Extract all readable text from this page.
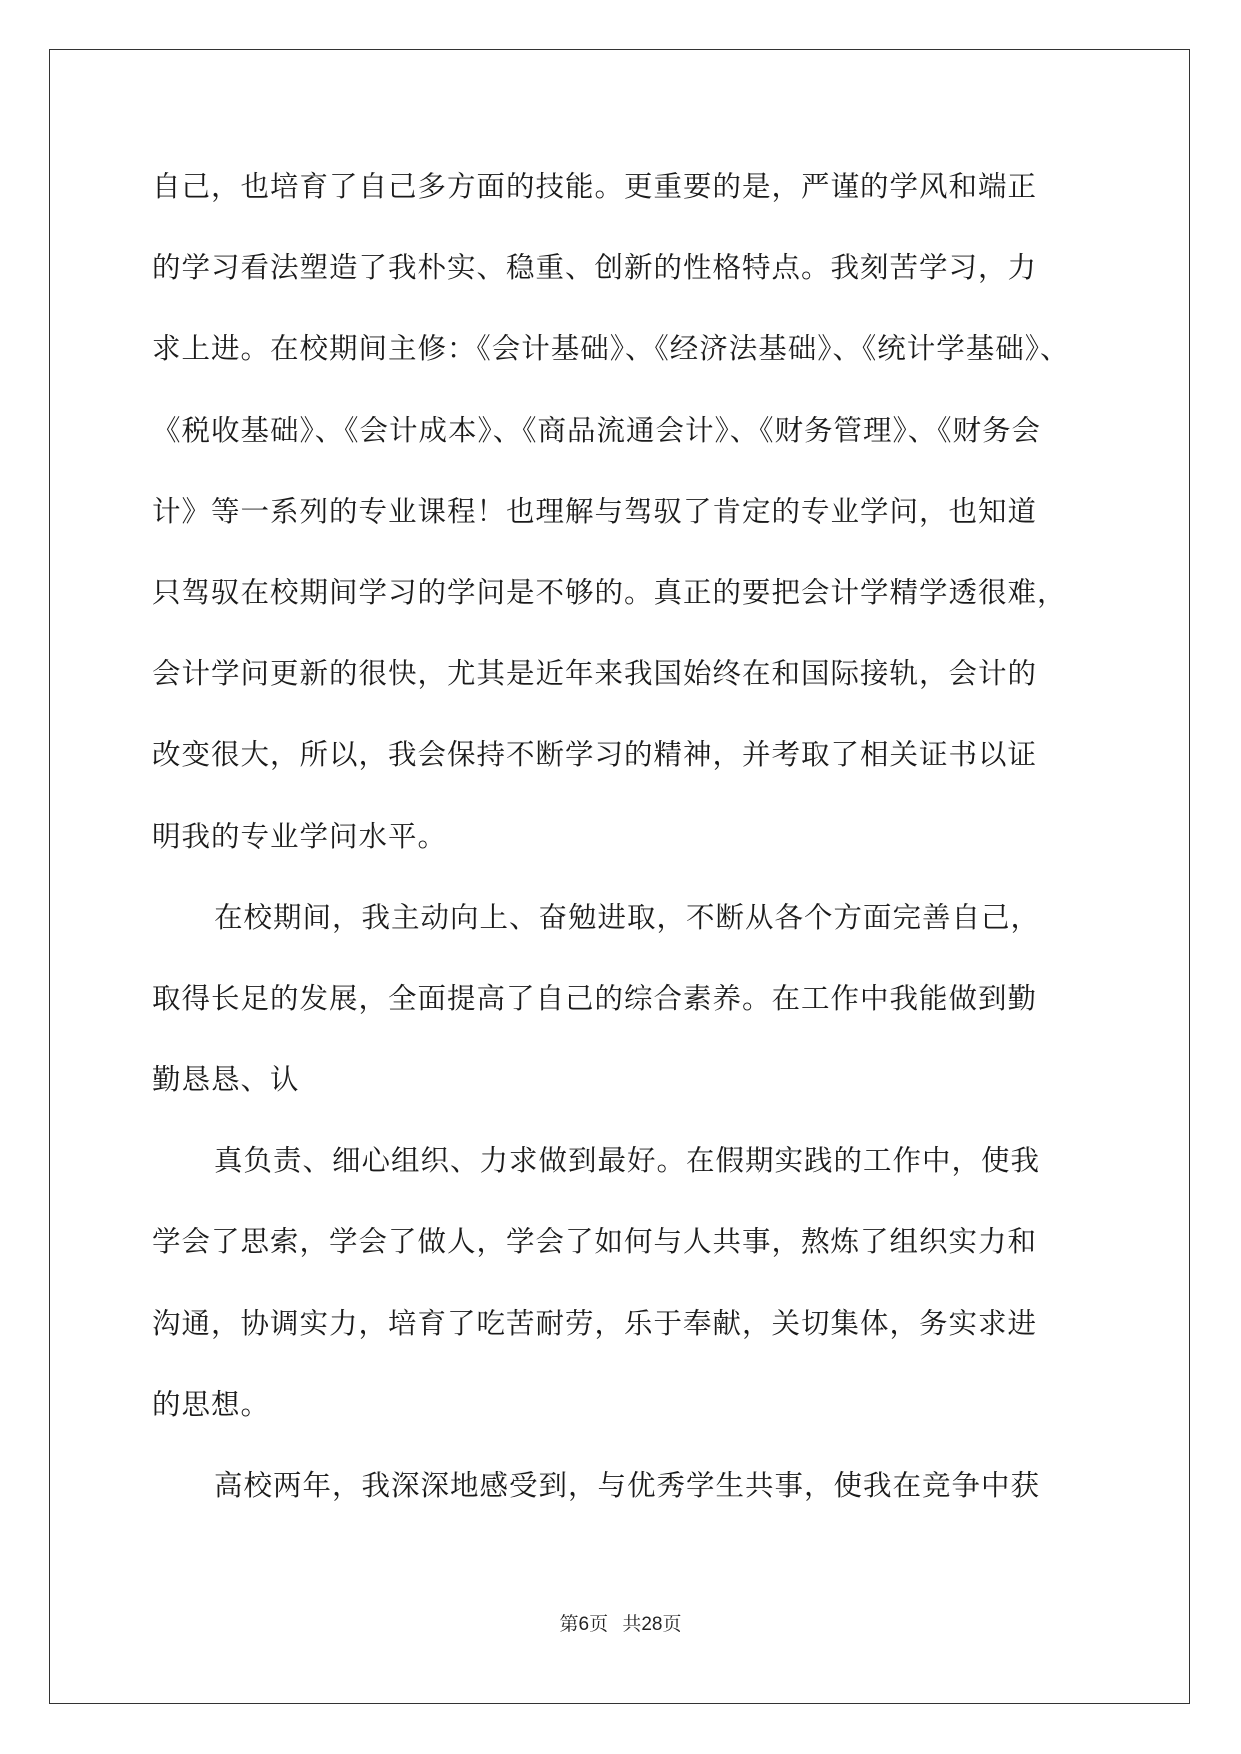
自己，也培育了自己多方面的技能。更重要的是，严谨的学风和端正
的学习看法塑造了我朴实、稳重、创新的性格特点。我刻苦学习，力
求上进。在校期间主修：《会计基础》、《经济法基础》、《统计学基础》、
《税收基础》、《会计成本》、《商品流通会计》、《财务管理》、《财务会
计》等一系列的专业课程！也理解与驾驭了肯定的专业学问，也知道
只驾驭在校期间学习的学问是不够的。真正的要把会计学精学透很难，
会计学问更新的很快，尤其是近年来我国始终在和国际接轨，会计的
改变很大，所以，我会保持不断学习的精神，并考取了相关证书以证
明我的专业学问水平。
在校期间，我主动向上、奋勉进取，不断从各个方面完善自己，
取得长足的发展，全面提高了自己的综合素养。在工作中我能做到勤
勤恳恳、认
真负责、细心组织、力求做到最好。在假期实践的工作中，使我
学会了思索，学会了做人，学会了如何与人共事，熬炼了组织实力和
沟通，协调实力，培育了吃苦耐劳，乐于奉献，关切集体，务实求进
的思想。
高校两年，我深深地感受到，与优秀学生共事，使我在竞争中获
第6页 共28页
